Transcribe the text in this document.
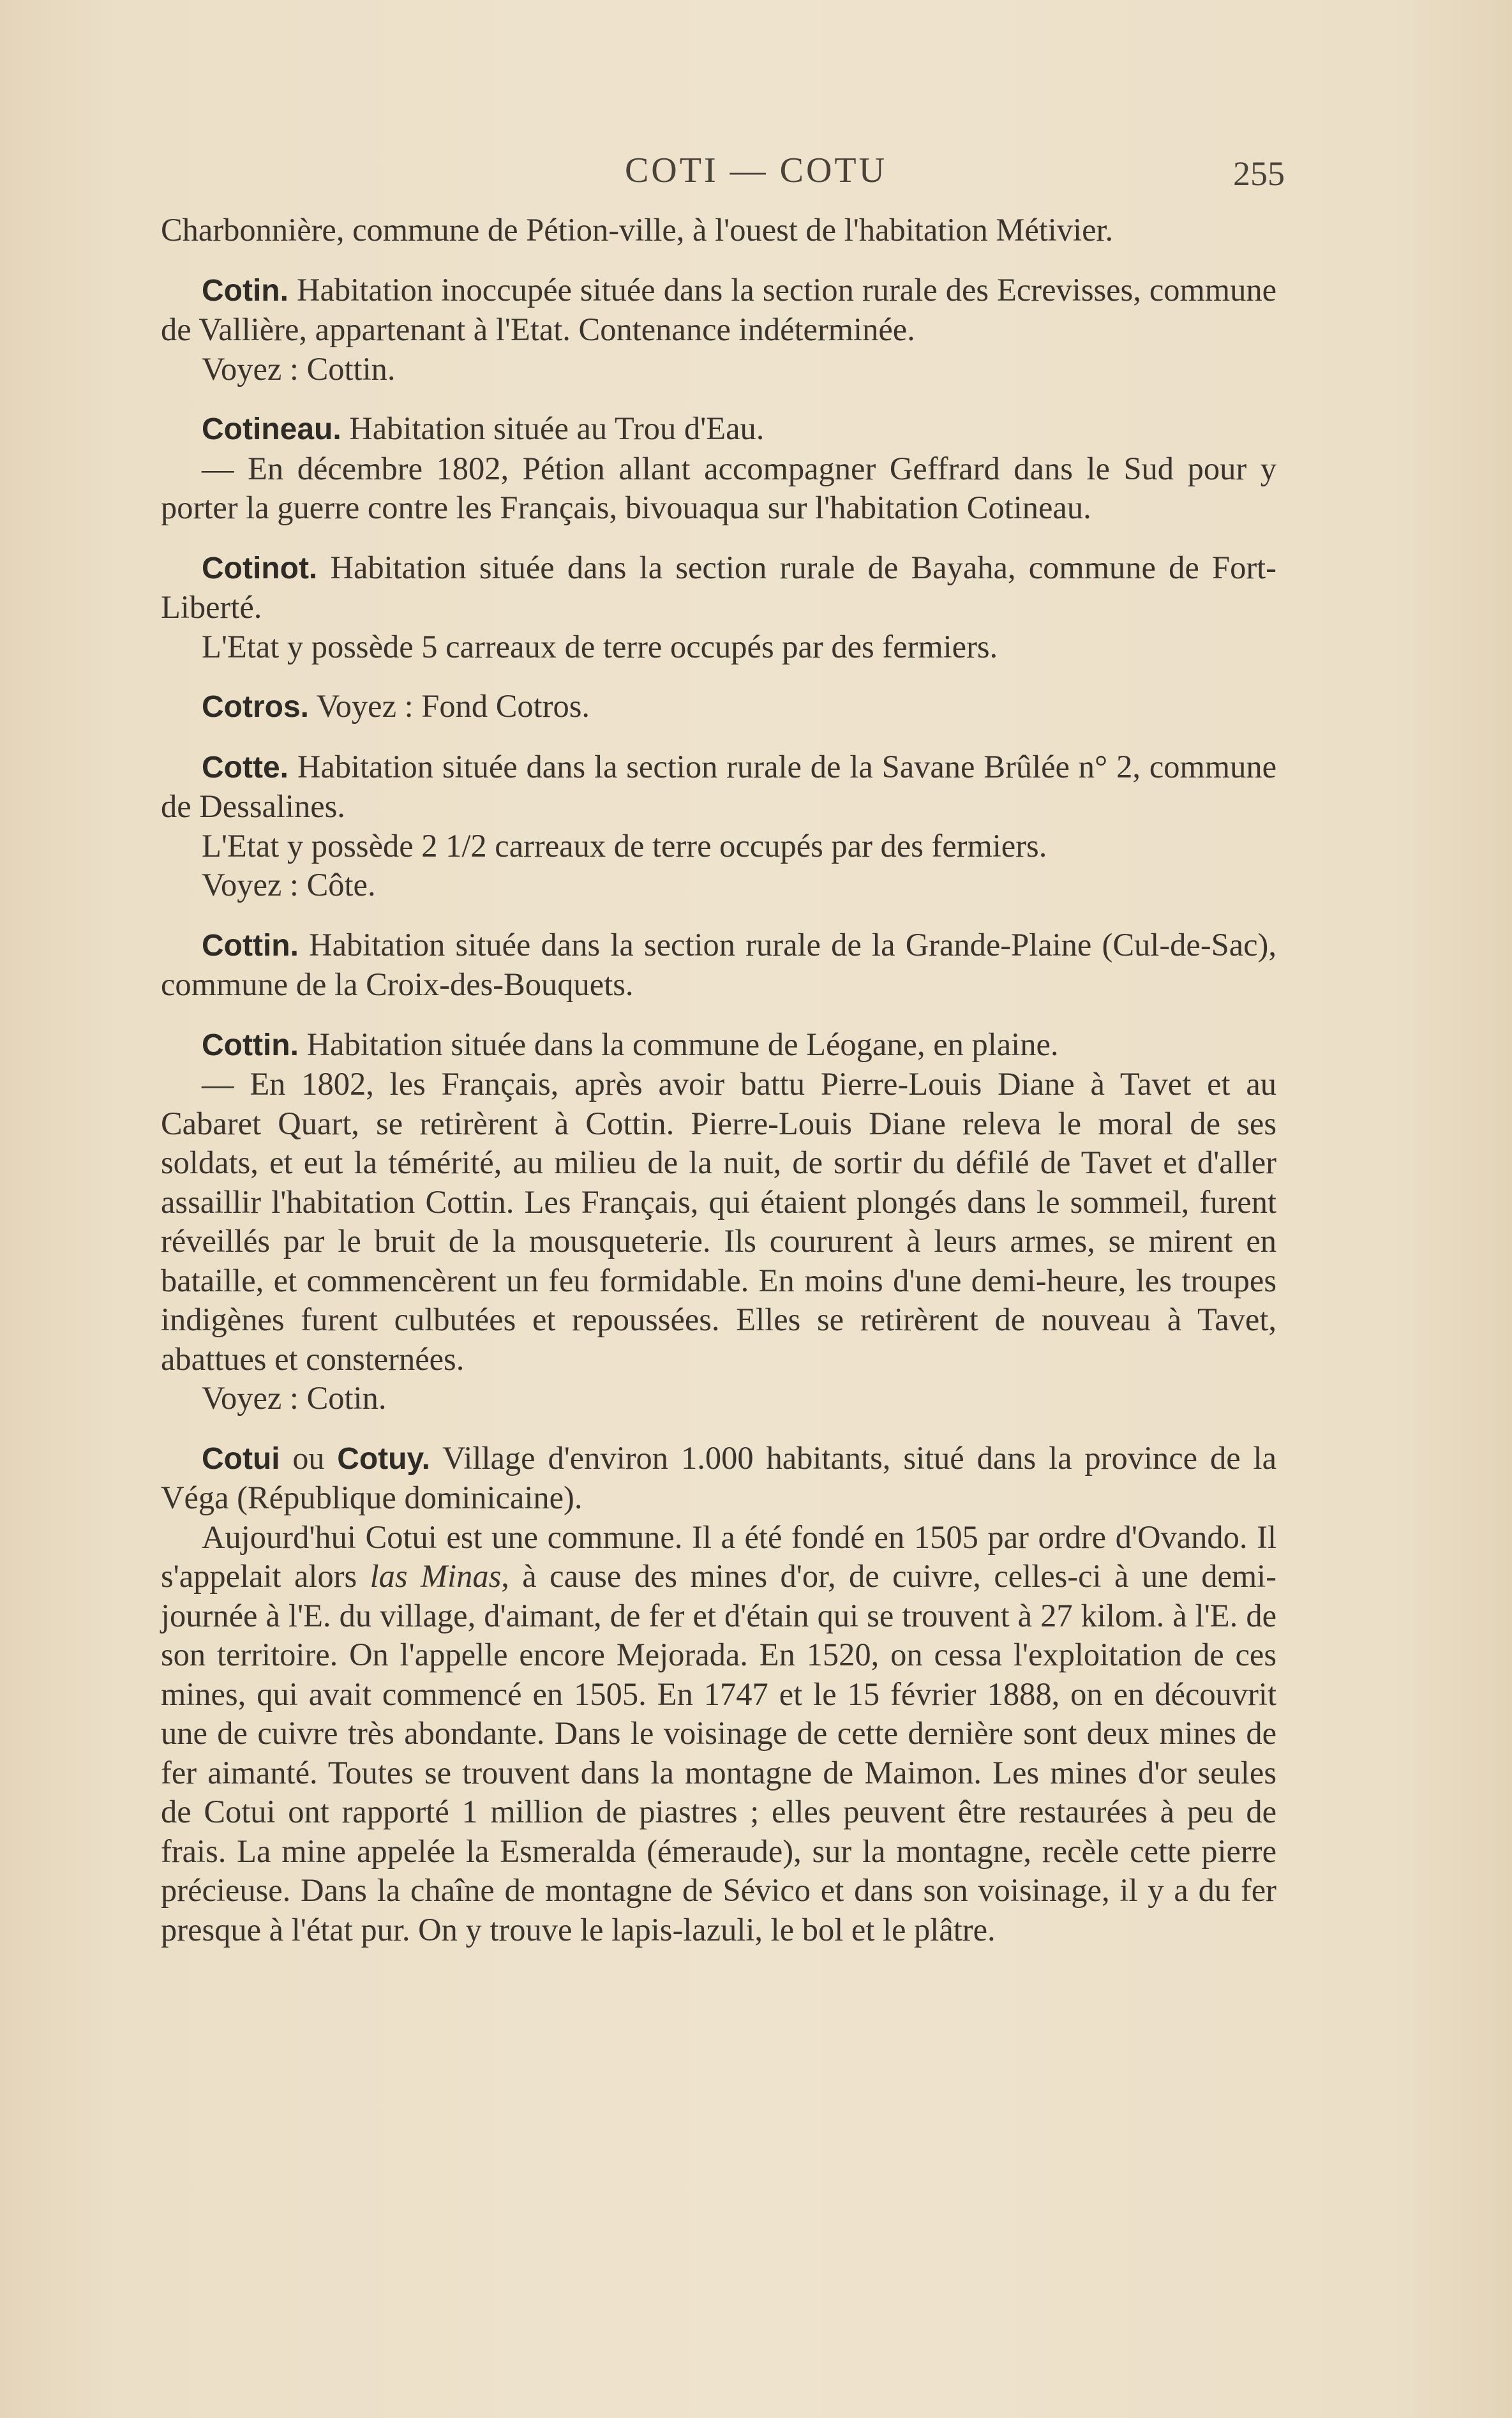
COTI — COTU	255

Charbonnière, commune de Pétion-ville, à l'ouest de l'habitation Métivier.

Cotin. Habitation inoccupée située dans la section rurale des Ecrevisses, commune de Vallière, appartenant à l'Etat. Contenance indéterminée.

Voyez : Cottin.

Cotineau. Habitation située au Trou d'Eau.

— En décembre 1802, Pétion allant accompagner Geffrard dans le Sud pour y porter la guerre contre les Français, bivouaqua sur l'habitation Cotineau.

Cotinot. Habitation située dans la section rurale de Bayaha, commune de Fort-Liberté.

L'Etat y possède 5 carreaux de terre occupés par des fermiers.

Cotros. Voyez : Fond Cotros.

Cotte. Habitation située dans la section rurale de la Savane Brûlée n° 2, commune de Dessalines.

L'Etat y possède 2 1/2 carreaux de terre occupés par des fermiers.

Voyez : Côte.

Cottin. Habitation située dans la section rurale de la Grande-Plaine (Cul-de-Sac), commune de la Croix-des-Bouquets.

Cottin. Habitation située dans la commune de Léogane, en plaine.

— En 1802, les Français, après avoir battu Pierre-Louis Diane à Tavet et au Cabaret Quart, se retirèrent à Cottin. Pierre-Louis Diane releva le moral de ses soldats, et eut la témérité, au milieu de la nuit, de sortir du défilé de Tavet et d'aller assaillir l'habitation Cottin. Les Français, qui étaient plongés dans le sommeil, furent réveillés par le bruit de la mousqueterie. Ils coururent à leurs armes, se mirent en bataille, et commencèrent un feu formidable. En moins d'une demi-heure, les troupes indigènes furent culbutées et repoussées. Elles se retirèrent de nouveau à Tavet, abattues et consternées.

Voyez : Cotin.

Cotui ou Cotuy. Village d'environ 1.000 habitants, situé dans la province de la Véga (République dominicaine).

Aujourd'hui Cotui est une commune. Il a été fondé en 1505 par ordre d'Ovando. Il s'appelait alors las Minas, à cause des mines d'or, de cuivre, celles-ci à une demi-journée à l'E. du village, d'aimant, de fer et d'étain qui se trouvent à 27 kilom. à l'E. de son territoire. On l'appelle encore Mejorada. En 1520, on cessa l'exploitation de ces mines, qui avait commencé en 1505. En 1747 et le 15 février 1888, on en découvrit une de cuivre très abondante. Dans le voisinage de cette dernière sont deux mines de fer aimanté. Toutes se trouvent dans la montagne de Maimon. Les mines d'or seules de Cotui ont rapporté 1 million de piastres ; elles peuvent être restaurées à peu de frais. La mine appelée la Esmeralda (émeraude), sur la montagne, recèle cette pierre précieuse. Dans la chaîne de montagne de Sévico et dans son voisinage, il y a du fer presque à l'état pur. On y trouve le lapis-lazuli, le bol et le plâtre.
